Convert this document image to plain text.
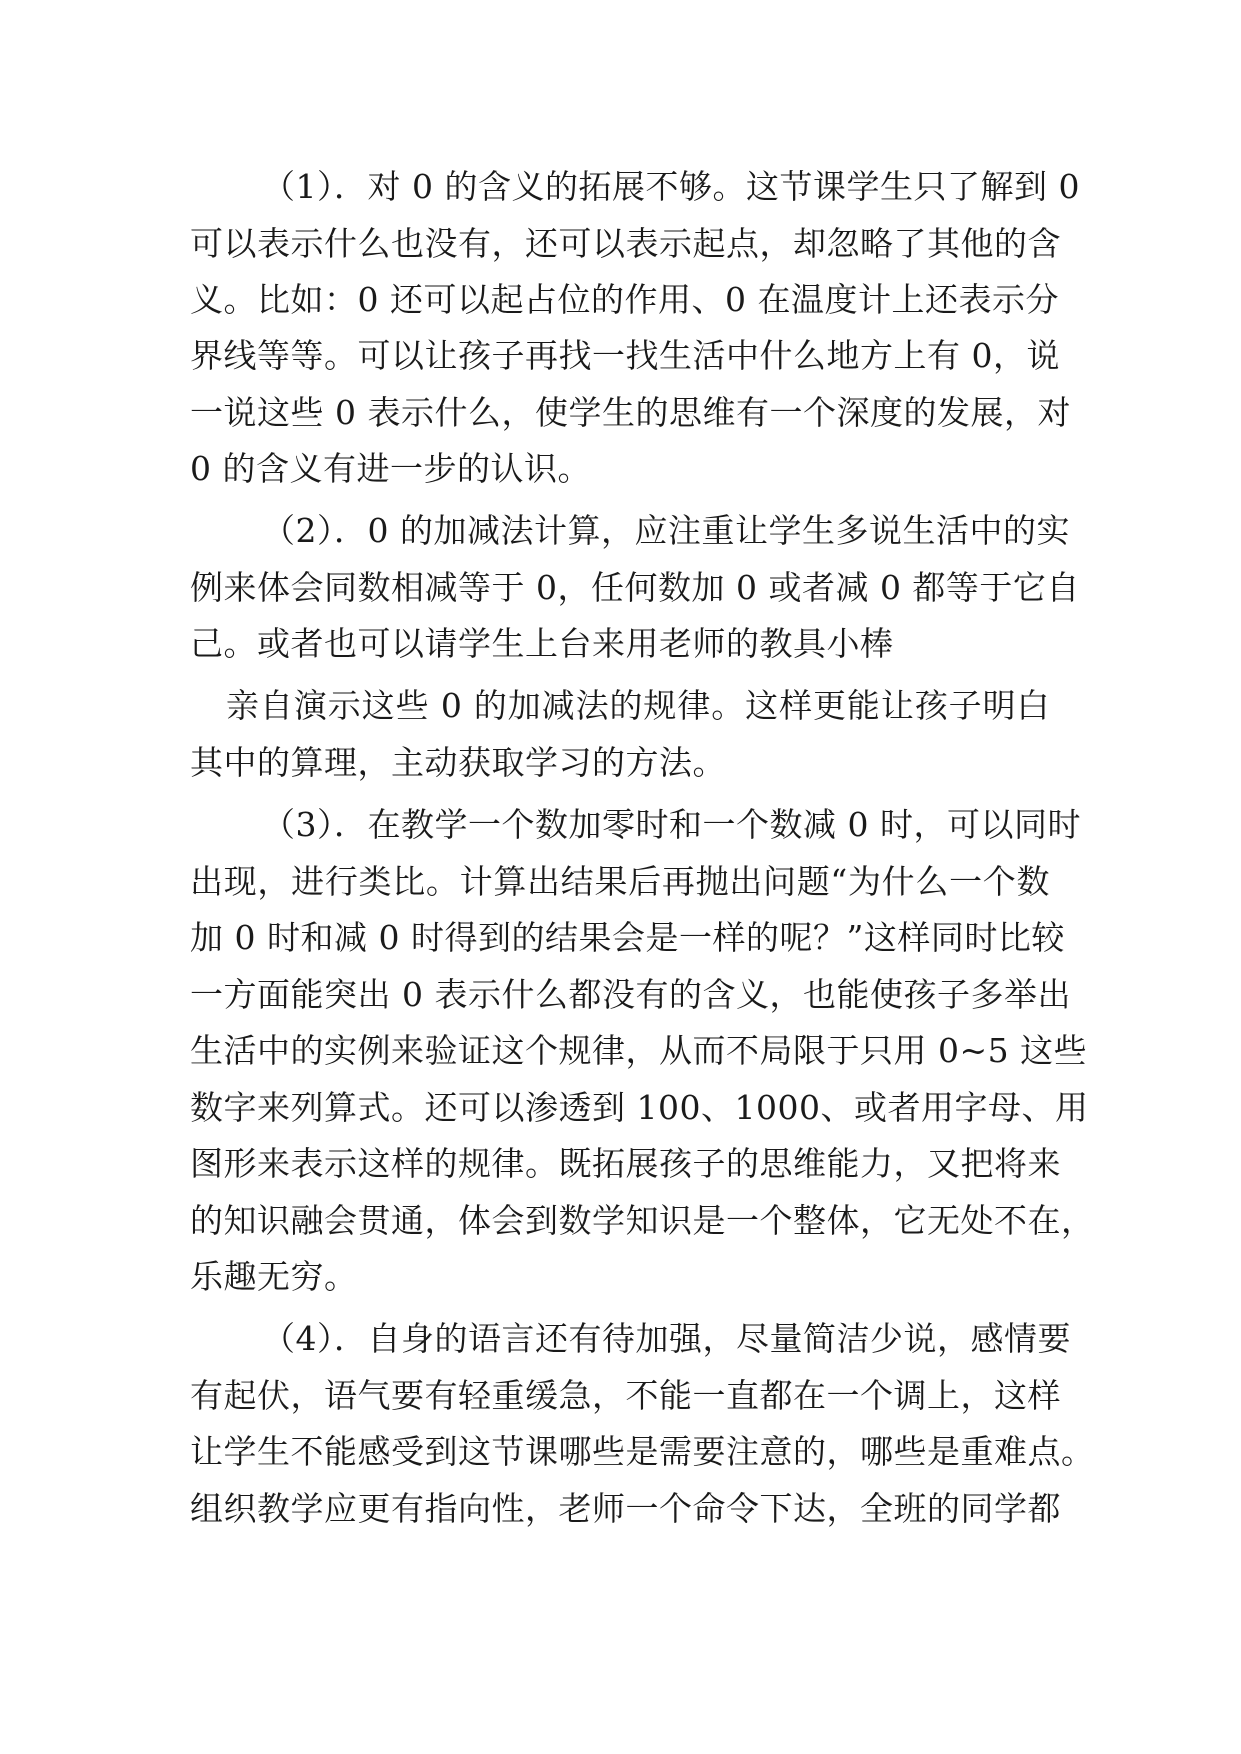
（1）．对 0 的含义的拓展不够。这节课学生只了解到 0
可以表示什么也没有，还可以表示起点，却忽略了其他的含
义。比如：0 还可以起占位的作用、0 在温度计上还表示分
界线等等。可以让孩子再找一找生活中什么地方上有 0，说
一说这些 0 表示什么，使学生的思维有一个深度的发展，对
0 的含义有进一步的认识。
（2）．0 的加减法计算，应注重让学生多说生活中的实
例来体会同数相减等于 0，任何数加 0 或者减 0 都等于它自
己。或者也可以请学生上台来用老师的教具小棒
亲自演示这些 0 的加减法的规律。这样更能让孩子明白
其中的算理，主动获取学习的方法。
（3）．在教学一个数加零时和一个数减 0 时，可以同时
出现，进行类比。计算出结果后再抛出问题“为什么一个数
加 0 时和减 0 时得到的结果会是一样的呢？”这样同时比较
一方面能突出 0 表示什么都没有的含义，也能使孩子多举出
生活中的实例来验证这个规律，从而不局限于只用 0~5 这些
数字来列算式。还可以渗透到 100、1000、或者用字母、用
图形来表示这样的规律。既拓展孩子的思维能力，又把将来
的知识融会贯通，体会到数学知识是一个整体，它无处不在，
乐趣无穷。
（4）．自身的语言还有待加强，尽量简洁少说，感情要
有起伏，语气要有轻重缓急，不能一直都在一个调上，这样
让学生不能感受到这节课哪些是需要注意的，哪些是重难点。
组织教学应更有指向性，老师一个命令下达，全班的同学都
